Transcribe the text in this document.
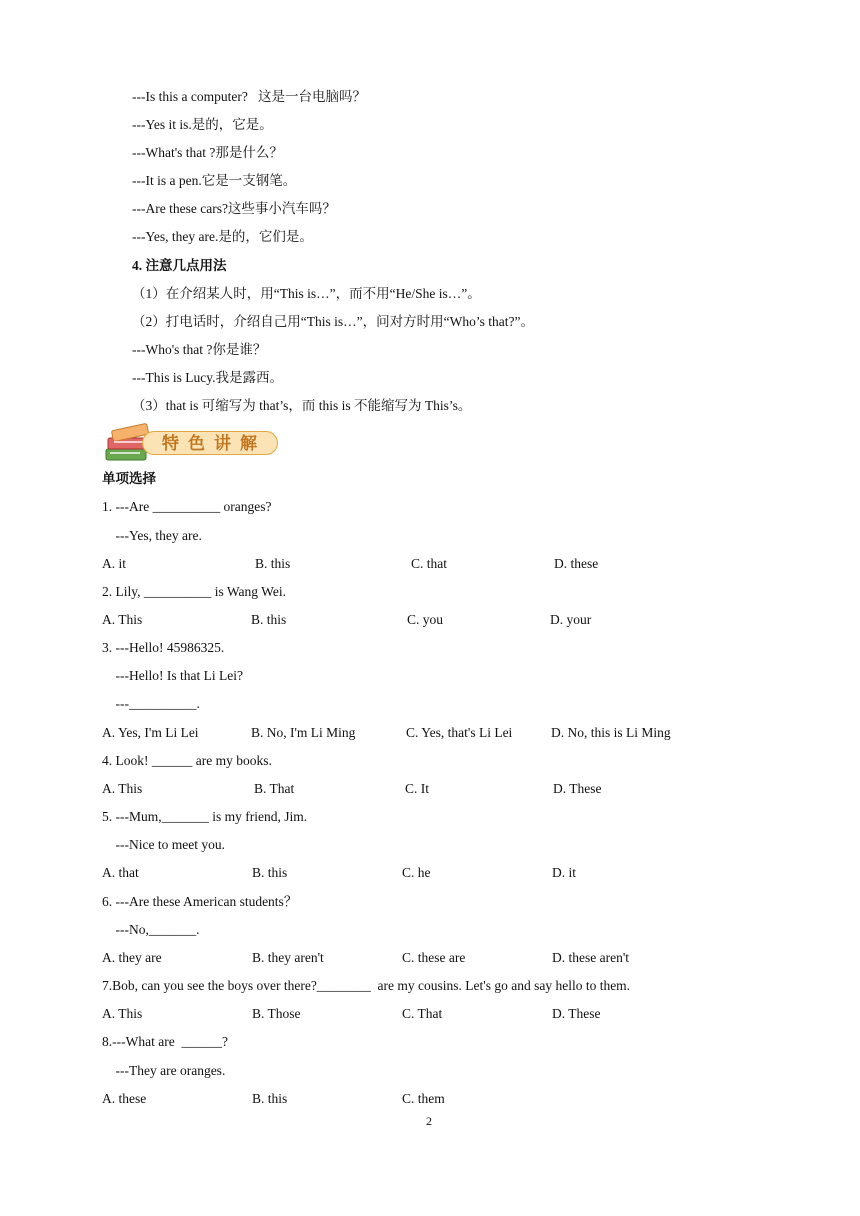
---Is this a computer?   这是一台电脑吗？
---Yes it is.是的，它是。
---What's that ?那是什么？
---It is a pen.它是一支钢笔。
---Are these cars?这些事小汽车吗？
---Yes, they are.是的，它们是。
4. 注意几点用法
（1）在介绍某人时，用“This is…”，而不用“He/She is…”。
（2）打电话时，介绍自己用“This is…”，问对方时用“Who’s that?”。
---Who's that ?你是谁？
---This is Lucy.我是露西。
（3）that is 可缩写为 that’s，而 this is 不能缩写为 This’s。
特色讲解
单项选择
1. ---Are __________ oranges?
---Yes, they are.
A. it	B. this	C. that	D. these
2. Lily, __________ is Wang Wei.
A. This	B. this	C. you	D. your
3. ---Hello! 45986325.
---Hello! Is that Li Lei?
---__________.
A. Yes, I'm Li Lei	B. No, I'm Li Ming	C. Yes, that's Li Lei	D. No, this is Li Ming
4. Look! ______ are my books.
A. This	B. That	C. It	D. These
5. ---Mum,_______ is my friend, Jim.
---Nice to meet you.
A. that	B. this	C. he	D. it
6. ---Are these American students？
---No,_______.
A. they are	B. they aren't	C. these are	D. these aren't
7.Bob, can you see the boys over there?________  are my cousins. Let's go and say hello to them.
A. This	B. Those	C. That	D. These
8.---What are  ______?
---They are oranges.
A. these	B. this	C. them
2
